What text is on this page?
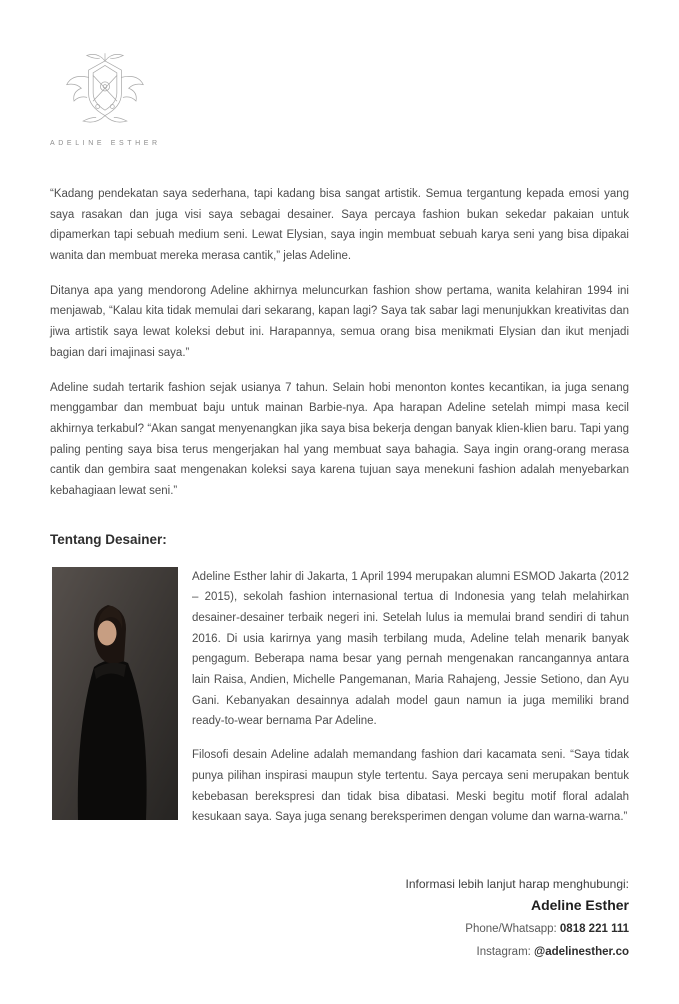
ADELINE ESTHER

“Kadang pendekatan saya sederhana, tapi kadang bisa sangat artistik. Semua tergantung kepada emosi yang saya rasakan dan juga visi saya sebagai desainer. Saya percaya fashion bukan sekedar pakaian untuk dipamerkan tapi sebuah medium seni. Lewat Elysian, saya ingin membuat sebuah karya seni yang bisa dipakai wanita dan membuat mereka merasa cantik,” jelas Adeline.

Ditanya apa yang mendorong Adeline akhirnya meluncurkan fashion show pertama, wanita kelahiran 1994 ini menjawab, “Kalau kita tidak memulai dari sekarang, kapan lagi? Saya tak sabar lagi menunjukkan kreativitas dan jiwa artistik saya lewat koleksi debut ini. Harapannya, semua orang bisa menikmati Elysian dan ikut menjadi bagian dari imajinasi saya.”

Adeline sudah tertarik fashion sejak usianya 7 tahun. Selain hobi menonton kontes kecantikan, ia juga senang menggambar dan membuat baju untuk mainan Barbie-nya. Apa harapan Adeline setelah mimpi masa kecil akhirnya terkabul? “Akan sangat menyenangkan jika saya bisa bekerja dengan banyak klien-klien baru. Tapi yang paling penting saya bisa terus mengerjakan hal yang membuat saya bahagia. Saya ingin orang-orang merasa cantik dan gembira saat mengenakan koleksi saya karena tujuan saya menekuni fashion adalah menyebarkan kebahagiaan lewat seni.”

Tentang Desainer:

Adeline Esther lahir di Jakarta, 1 April 1994 merupakan alumni ESMOD Jakarta (2012 – 2015), sekolah fashion internasional tertua di Indonesia yang telah melahirkan desainer-desainer terbaik negeri ini. Setelah lulus ia memulai brand sendiri di tahun 2016. Di usia karirnya yang masih terbilang muda, Adeline telah menarik banyak pengagum. Beberapa nama besar yang pernah mengenakan rancangannya antara lain Raisa, Andien, Michelle Pangemanan, Maria Rahajeng, Jessie Setiono, dan Ayu Gani. Kebanyakan desainnya adalah model gaun namun ia juga memiliki brand ready-to-wear bernama Par Adeline.

Filosofi desain Adeline adalah memandang fashion dari kacamata seni. “Saya tidak punya pilihan inspirasi maupun style tertentu. Saya percaya seni merupakan bentuk kebebasan berekspresi dan tidak bisa dibatasi. Meski begitu motif floral adalah kesukaan saya. Saya juga senang bereksperimen dengan volume dan warna-warna.”

Informasi lebih lanjut harap menghubungi:

Adeline Esther

Phone/Whatsapp: 0818 221 111

Instagram: @adelinesther.co
